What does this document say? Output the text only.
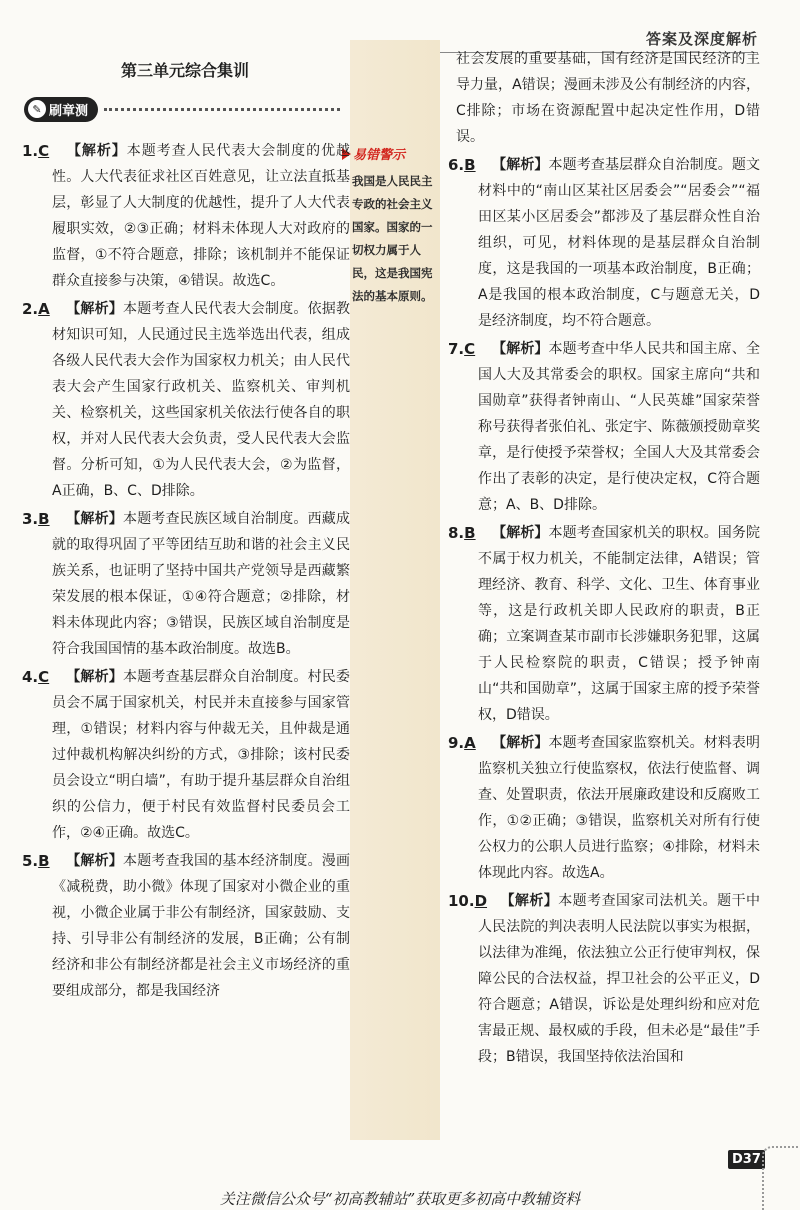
答案及深度解析
易错警示
我国是人民民主专政的社会主义国家。国家的一切权力属于人民，这是我国宪法的基本原则。
第三单元综合集训
✎ 刷章测
1.C 【解析】本题考查人民代表大会制度的优越性。人大代表征求社区百姓意见，让立法直抵基层，彰显了人大制度的优越性，提升了人大代表履职实效，②③正确；材料未体现人大对政府的监督，①不符合题意，排除；该机制并不能保证群众直接参与决策，④错误。故选C。
2.A 【解析】本题考查人民代表大会制度。依据教材知识可知，人民通过民主选举选出代表，组成各级人民代表大会作为国家权力机关；由人民代表大会产生国家行政机关、监察机关、审判机关、检察机关，这些国家机关依法行使各自的职权，并对人民代表大会负责，受人民代表大会监督。分析可知，①为人民代表大会，②为监督，A正确，B、C、D排除。
3.B 【解析】本题考查民族区域自治制度。西藏成就的取得巩固了平等团结互助和谐的社会主义民族关系，也证明了坚持中国共产党领导是西藏繁荣发展的根本保证，①④符合题意；②排除，材料未体现此内容；③错误，民族区域自治制度是符合我国国情的基本政治制度。故选B。
4.C 【解析】本题考查基层群众自治制度。村民委员会不属于国家机关，村民并未直接参与国家管理，①错误；材料内容与仲裁无关，且仲裁是通过仲裁机构解决纠纷的方式，③排除；该村民委员会设立“明白墙”，有助于提升基层群众自治组织的公信力，便于村民有效监督村民委员会工作，②④正确。故选C。
5.B 【解析】本题考查我国的基本经济制度。漫画《减税费，助小微》体现了国家对小微企业的重视，小微企业属于非公有制经济，国家鼓励、支持、引导非公有制经济的发展，B正确；公有制经济和非公有制经济都是社会主义市场经济的重要组成部分，都是我国经济
社会发展的重要基础，国有经济是国民经济的主导力量，A错误；漫画未涉及公有制经济的内容，C排除；市场在资源配置中起决定性作用，D错误。
6.B 【解析】本题考查基层群众自治制度。题文材料中的“南山区某社区居委会”“居委会”“福田区某小区居委会”都涉及了基层群众性自治组织，可见，材料体现的是基层群众自治制度，这是我国的一项基本政治制度，B正确；A是我国的根本政治制度，C与题意无关，D是经济制度，均不符合题意。
7.C 【解析】本题考查中华人民共和国主席、全国人大及其常委会的职权。国家主席向“共和国勋章”获得者钟南山、“人民英雄”国家荣誉称号获得者张伯礼、张定宇、陈薇颁授勋章奖章，是行使授予荣誉权；全国人大及其常委会作出了表彰的决定，是行使决定权，C符合题意；A、B、D排除。
8.B 【解析】本题考查国家机关的职权。国务院不属于权力机关，不能制定法律，A错误；管理经济、教育、科学、文化、卫生、体育事业等，这是行政机关即人民政府的职责，B正确；立案调查某市副市长涉嫌职务犯罪，这属于人民检察院的职责，C错误；授予钟南山“共和国勋章”，这属于国家主席的授予荣誉权，D错误。
9.A 【解析】本题考查国家监察机关。材料表明监察机关独立行使监察权，依法行使监督、调查、处置职责，依法开展廉政建设和反腐败工作，①②正确；③错误，监察机关对所有行使公权力的公职人员进行监察；④排除，材料未体现此内容。故选A。
10.D 【解析】本题考查国家司法机关。题干中人民法院的判决表明人民法院以事实为根据，以法律为准绳，依法独立公正行使审判权，保障公民的合法权益，捍卫社会的公平正义，D符合题意；A错误，诉讼是处理纠纷和应对危害最正规、最权威的手段，但未必是“最佳”手段；B错误，我国坚持依法治国和
D37
关注微信公众号“初高教辅站”获取更多初高中教辅资料
